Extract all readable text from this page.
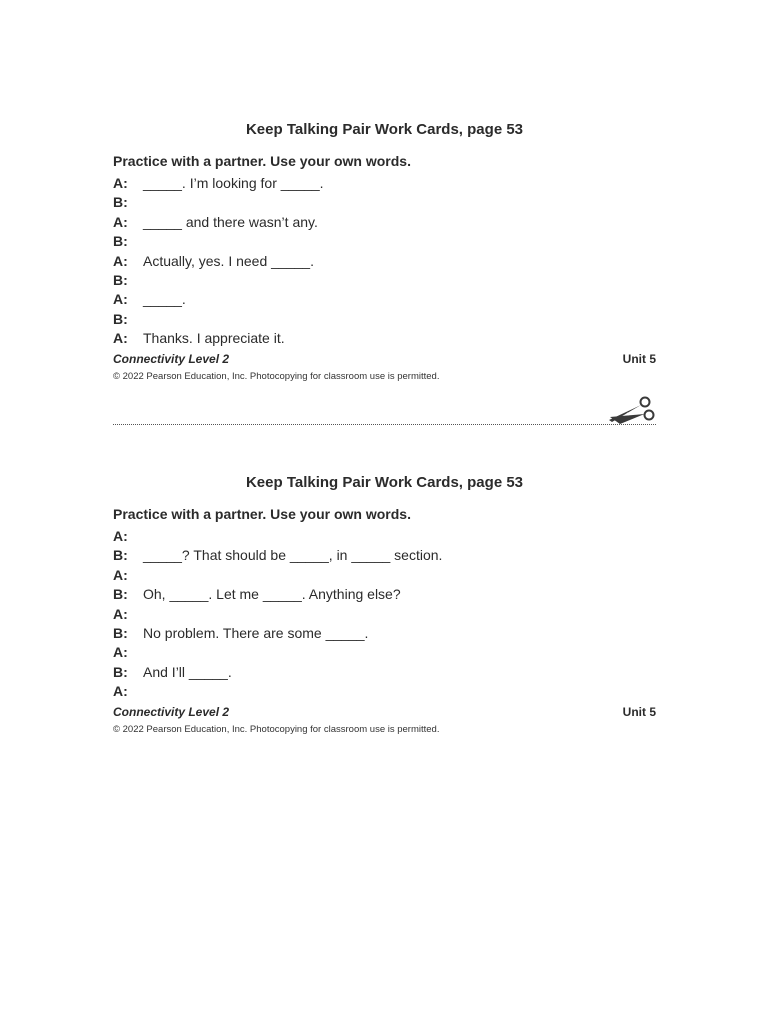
Keep Talking Pair Work Cards, page 53
Practice with a partner. Use your own words.
A:	_____. I’m looking for _____.
B:
A:	_____ and there wasn’t any.
B:
A:	Actually, yes. I need _____.
B:
A:	_____.
B:
A:	Thanks. I appreciate it.
Connectivity Level 2	Unit 5
© 2022 Pearson Education, Inc. Photocopying for classroom use is permitted.
Keep Talking Pair Work Cards, page 53
Practice with a partner. Use your own words.
A:
B:	_____? That should be _____, in _____ section.
A:
B:	Oh, _____. Let me _____. Anything else?
A:
B:	No problem. There are some _____.
A:
B:	And I’ll _____.
A:
Connectivity Level 2	Unit 5
© 2022 Pearson Education, Inc. Photocopying for classroom use is permitted.
